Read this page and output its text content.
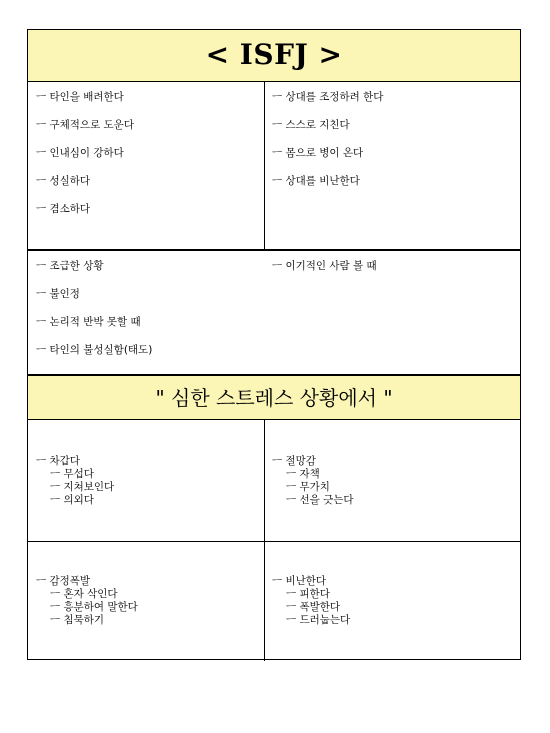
< ISFJ >
ㅡ 타인을 배려한다
ㅡ 구체적으로 도운다
ㅡ 인내심이 강하다
ㅡ 성실하다
ㅡ 겸소하다
ㅡ 상대를 조정하려 한다
ㅡ 스스로 지친다
ㅡ 몸으로 병이 온다
ㅡ 상대를 비난한다
ㅡ 조급한 상황
ㅡ 불인정
ㅡ 논리적 반박 못할 때
ㅡ 타인의 불성실함(태도)
ㅡ 이기적인 사람 볼 때
" 심한 스트레스 상황에서 "
ㅡ 차갑다
ㅡ 무섭다
ㅡ 지쳐보인다
ㅡ 의외다
ㅡ 절망감
ㅡ 자책
ㅡ 무가치
ㅡ 선을 긋는다
ㅡ 감정폭발
ㅡ 혼자 삭인다
ㅡ 흥분하여 말한다
ㅡ 침묵하기
ㅡ 비난한다
ㅡ 피한다
ㅡ 폭발한다
ㅡ 드러눕는다
